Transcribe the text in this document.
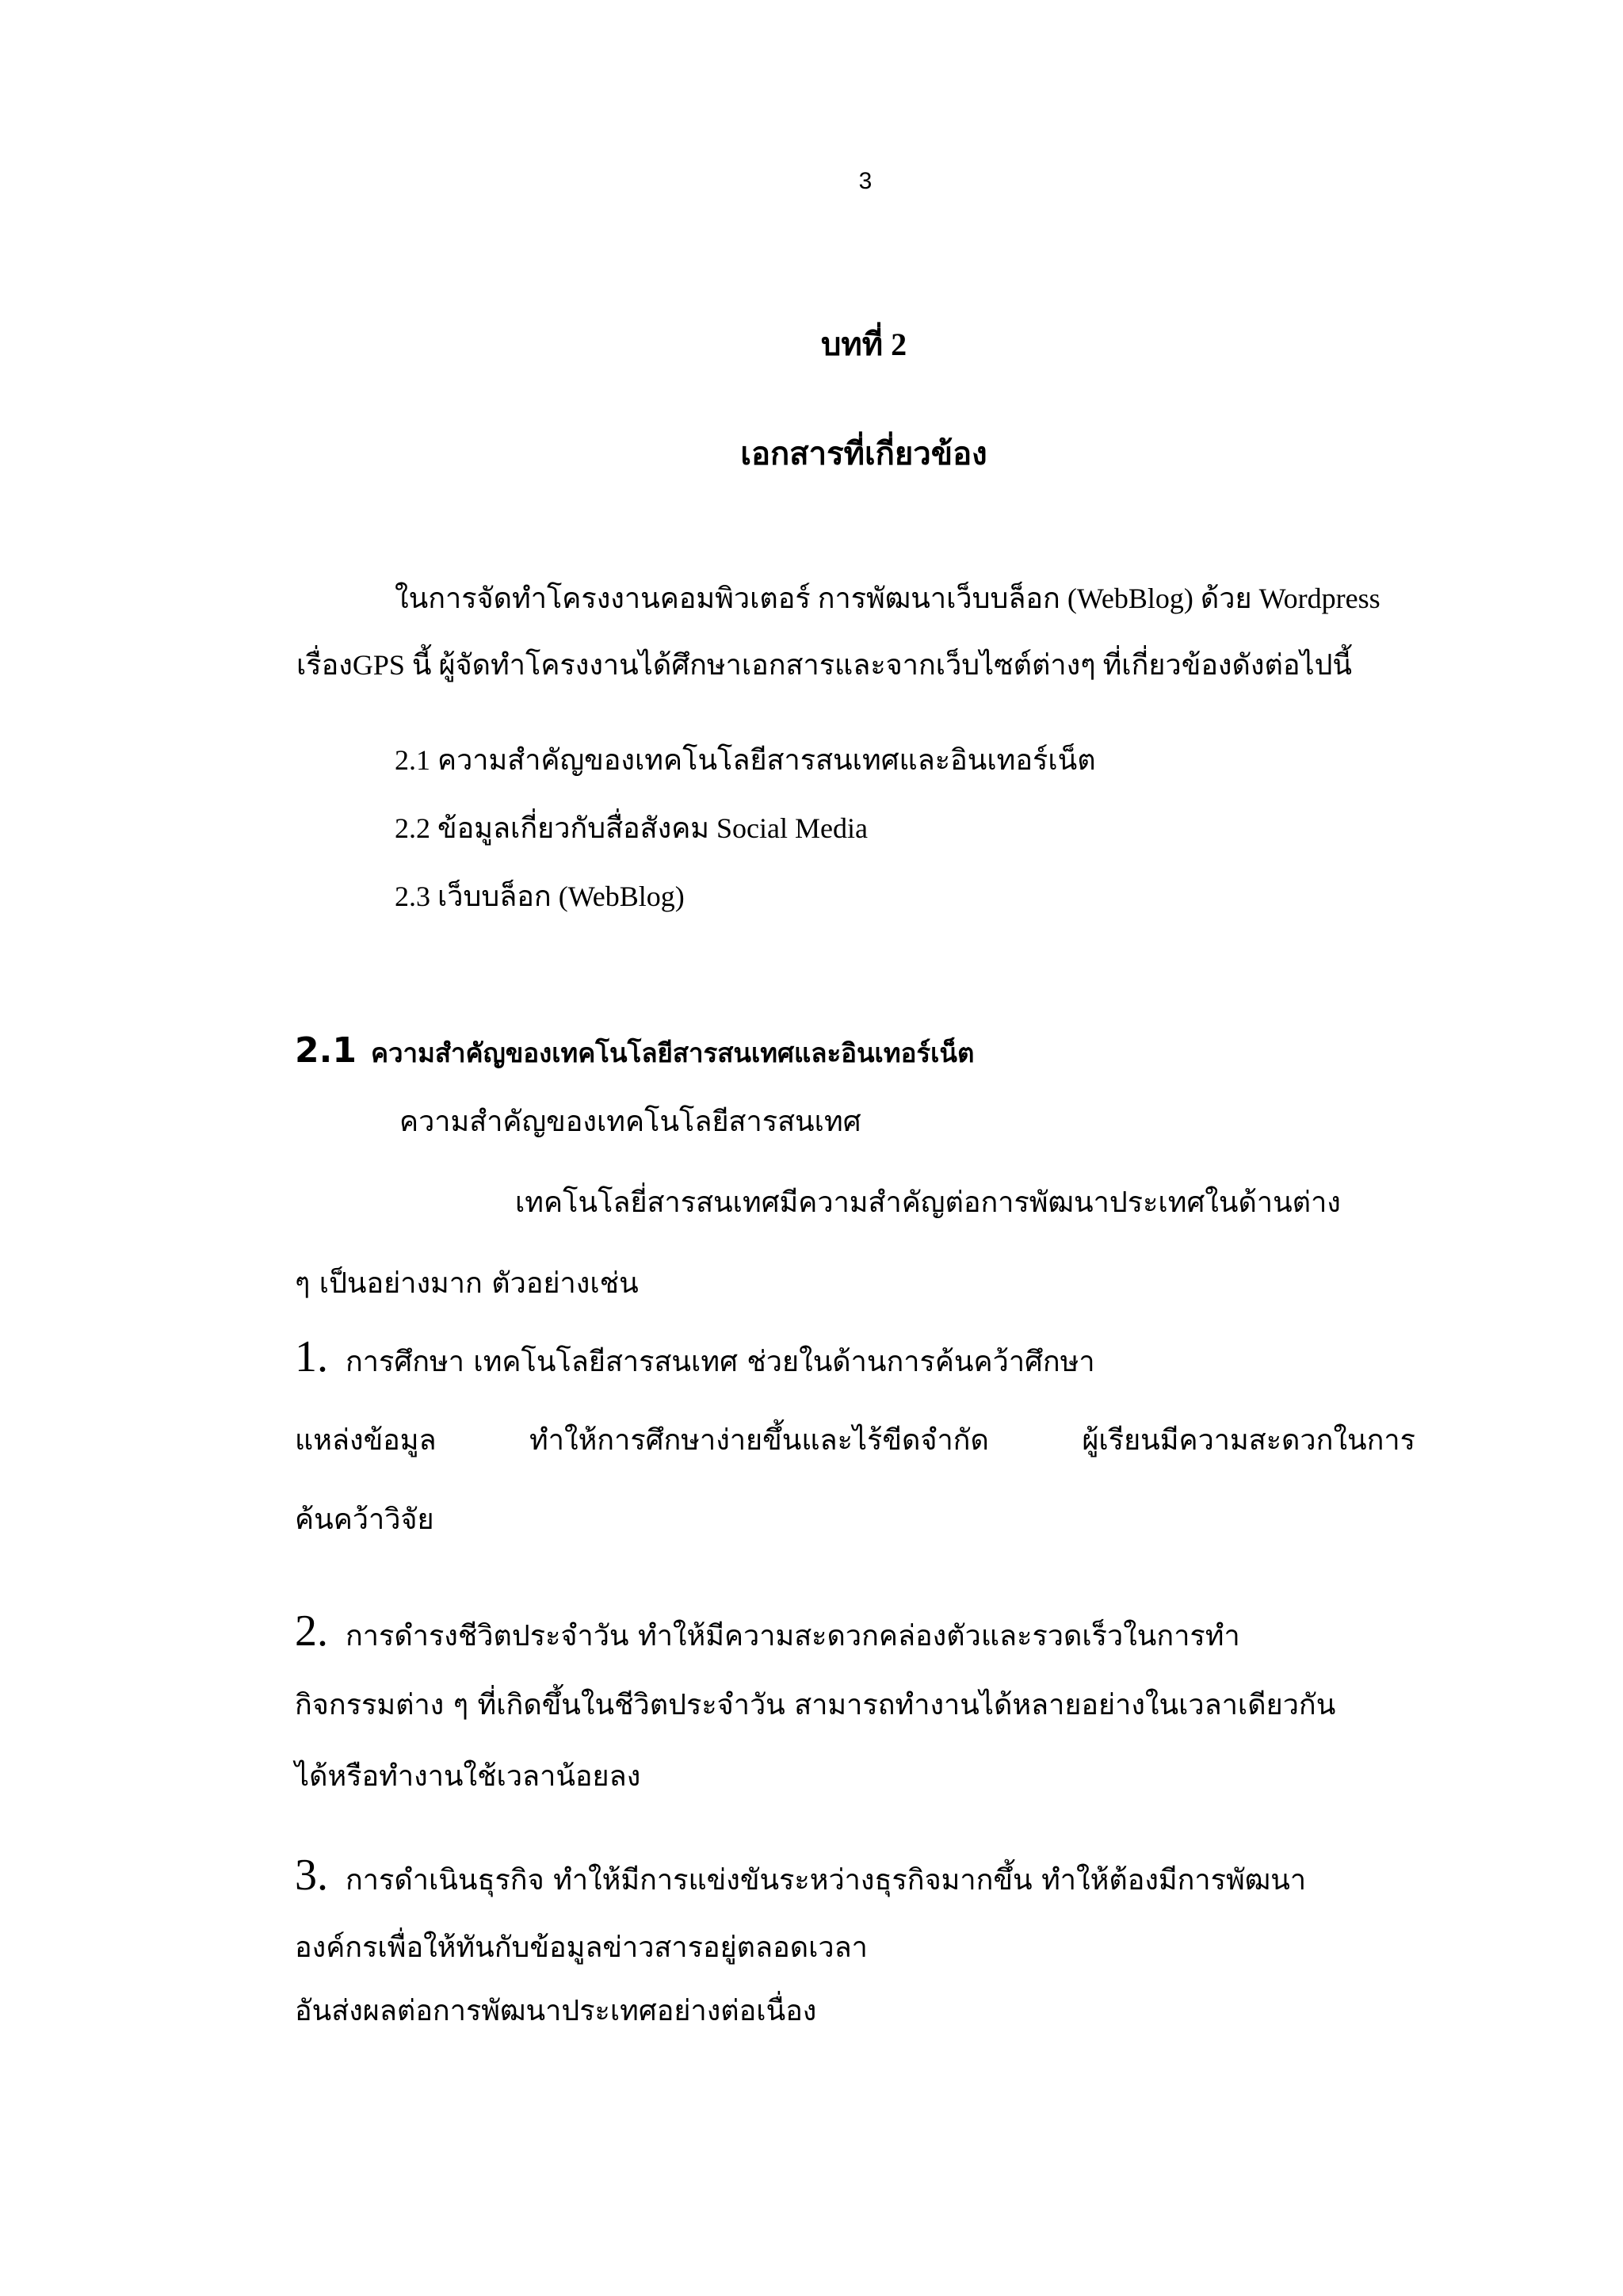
3
บทที่ 2
เอกสารที่เกี่ยวข้อง
ในการจัดทำโครงงานคอมพิวเตอร์ การพัฒนาเว็บบล็อก (WebBlog) ด้วย Wordpress
เรื่องGPS นี้ ผู้จัดทำโครงงานได้ศึกษาเอกสารและจากเว็บไซต์ต่างๆ ที่เกี่ยวข้องดังต่อไปนี้
2.1 ความสำคัญของเทคโนโลยีสารสนเทศและอินเทอร์เน็ต
2.2 ข้อมูลเกี่ยวกับสื่อสังคม Social Media
2.3 เว็บบล็อก (WebBlog)
2.1 ความสำคัญของเทคโนโลยีสารสนเทศและอินเทอร์เน็ต
ความสำคัญของเทคโนโลยีสารสนเทศ
เทคโนโลยี่สารสนเทศมีความสำคัญต่อการพัฒนาประเทศในด้านต่าง
ๆ เป็นอย่างมาก ตัวอย่างเช่น
1. การศึกษา เทคโนโลยีสารสนเทศ ช่วยในด้านการค้นคว้าศึกษา
แหล่งข้อมูล	ทำให้การศึกษาง่ายขึ้นและไร้ขีดจำกัด	ผู้เรียนมีความสะดวกในการ
ค้นคว้าวิจัย
2. การดำรงชีวิตประจำวัน ทำให้มีความสะดวกคล่องตัวและรวดเร็วในการทำ
กิจกรรมต่าง ๆ ที่เกิดขึ้นในชีวิตประจำวัน สามารถทำงานได้หลายอย่างในเวลาเดียวกัน
ได้หรือทำงานใช้เวลาน้อยลง
3. การดำเนินธุรกิจ ทำให้มีการแข่งขันระหว่างธุรกิจมากขึ้น ทำให้ต้องมีการพัฒนา
องค์กรเพื่อให้ทันกับข้อมูลข่าวสารอยู่ตลอดเวลา
อันส่งผลต่อการพัฒนาประเทศอย่างต่อเนื่อง
